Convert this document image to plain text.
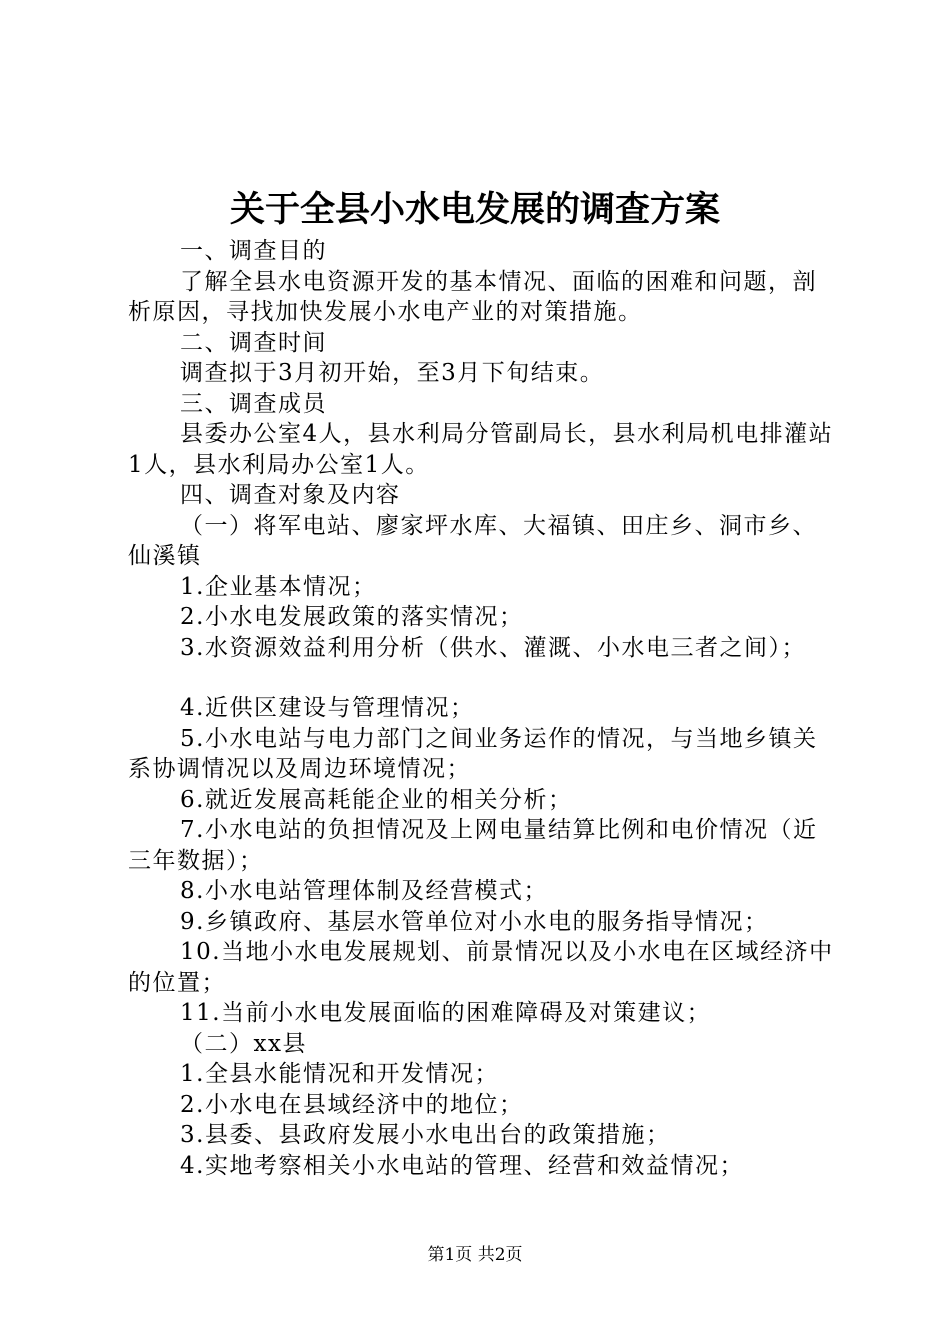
关于全县小水电发展的调查方案

一、调查目的

了解全县水电资源开发的基本情况、面临的困难和问题，剖析原因，寻找加快发展小水电产业的对策措施。

二、调查时间

调查拟于3月初开始，至3月下旬结束。

三、调查成员

县委办公室4人，县水利局分管副局长，县水利局机电排灌站1人，县水利局办公室1人。

四、调查对象及内容

（一）将军电站、廖家坪水库、大福镇、田庄乡、洞市乡、仙溪镇

1.企业基本情况；

2.小水电发展政策的落实情况；

3.水资源效益利用分析（供水、灌溉、小水电三者之间）；

4.近供区建设与管理情况；

5.小水电站与电力部门之间业务运作的情况，与当地乡镇关系协调情况以及周边环境情况；

6.就近发展高耗能企业的相关分析；

7.小水电站的负担情况及上网电量结算比例和电价情况（近三年数据）；

8.小水电站管理体制及经营模式；

9.乡镇政府、基层水管单位对小水电的服务指导情况；

10.当地小水电发展规划、前景情况以及小水电在区域经济中的位置；

11.当前小水电发展面临的困难障碍及对策建议；

（二）xx县

1.全县水能情况和开发情况；

2.小水电在县域经济中的地位；

3.县委、县政府发展小水电出台的政策措施；

4.实地考察相关小水电站的管理、经营和效益情况；

第1页 共2页
